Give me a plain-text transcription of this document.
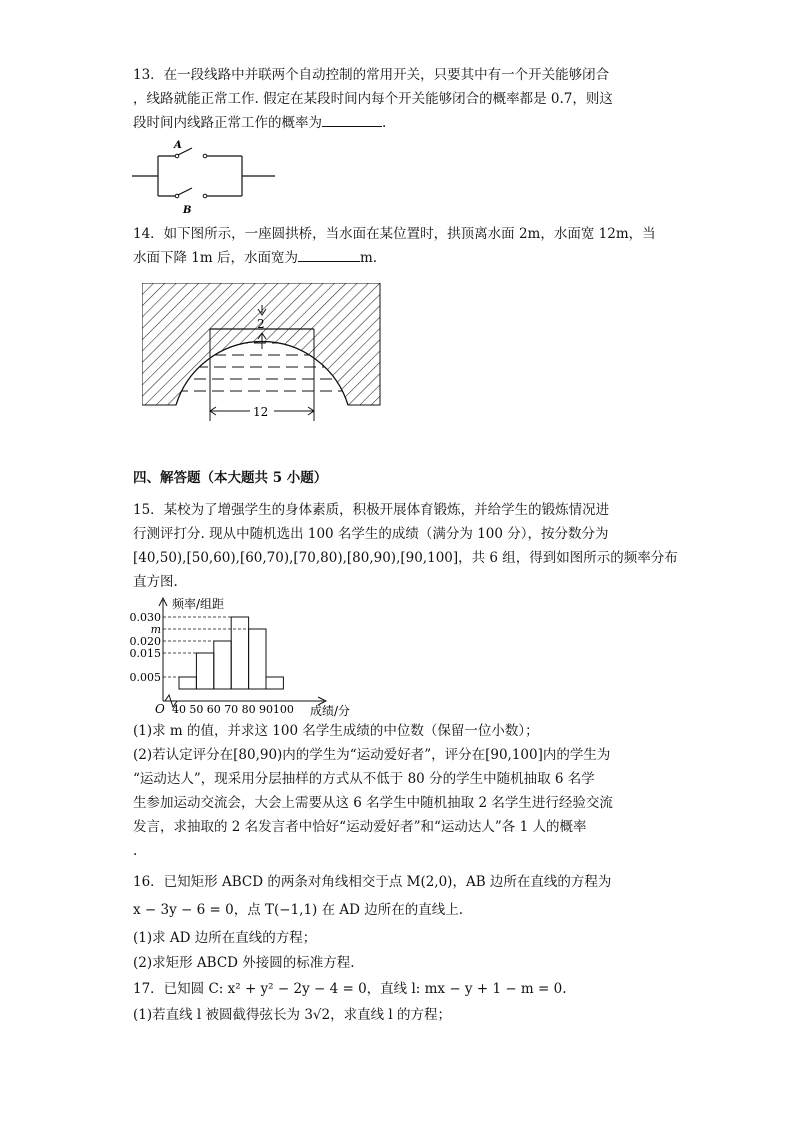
13．在一段线路中并联两个自动控制的常用开关，只要其中有一个开关能够闭合
，线路就能正常工作. 假定在某段时间内每个开关能够闭合的概率都是 0.7，则这
段时间内线路正常工作的概率为	.
A
B
14．如下图所示，一座圆拱桥，当水面在某位置时，拱顶离水面 2m，水面宽 12m，当
水面下降 1m 后，水面宽为	m.
2
12
四、解答题（本大题共 5 小题）
15．某校为了增强学生的身体素质，积极开展体育锻炼，并给学生的锻炼情况进
行测评打分. 现从中随机选出 100 名学生的成绩（满分为 100 分），按分数分为
[40,50),[50,60),[60,70),[70,80),[80,90),[90,100]，共 6 组，得到如图所示的频率分布
直方图.
频率/组距
成绩/分
O
0.030
m
0.020
0.015
0.005
40 50 60 70 80 90 100
(1)求 m 的值，并求这 100 名学生成绩的中位数（保留一位小数）；
(2)若认定评分在[80,90)内的学生为“运动爱好者”，评分在[90,100]内的学生为
“运动达人”，现采用分层抽样的方式从不低于 80 分的学生中随机抽取 6 名学
生参加运动交流会，大会上需要从这 6 名学生中随机抽取 2 名学生进行经验交流
发言，求抽取的 2 名发言者中恰好“运动爱好者”和“运动达人”各 1 人的概率
.
16．已知矩形 ABCD 的两条对角线相交于点 M(2,0)，AB 边所在直线的方程为
x − 3y − 6 = 0，点 T(−1,1) 在 AD 边所在的直线上.
(1)求 AD 边所在直线的方程；
(2)求矩形 ABCD 外接圆的标准方程.
17．已知圆 C: x² + y² − 2y − 4 = 0，直线 l: mx − y + 1 − m = 0.
(1)若直线 l 被圆截得弦长为 3√2，求直线 l 的方程；
